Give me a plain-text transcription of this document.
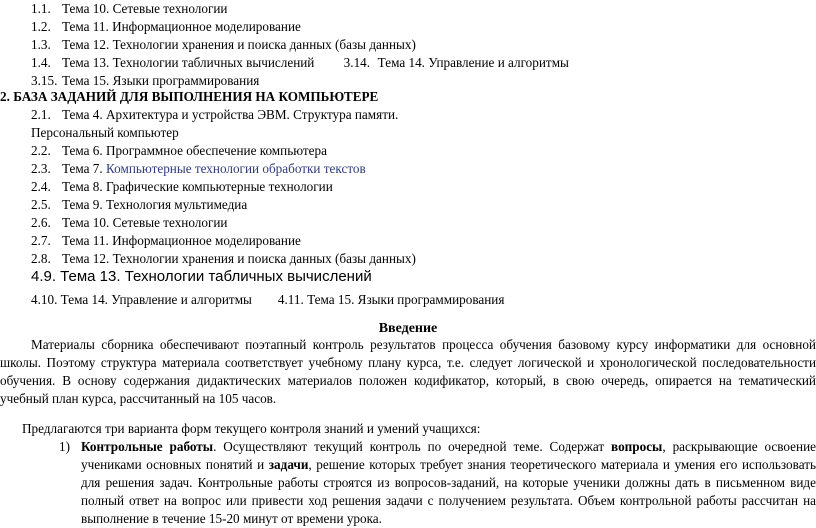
1.1. Тема 10. Сетевые технологии
1.2. Тема 11. Информационное моделирование
1.3. Тема 12. Технологии хранения и поиска данных (базы данных)
1.4. Тема 13. Технологии табличных вычислений 3.14. Тема 14. Управление и алгоритмы
3.15. Тема 15. Языки программирования
2. БАЗА ЗАДАНИЙ ДЛЯ ВЫПОЛНЕНИЯ НА КОМПЬЮТЕРЕ
2.1. Тема 4. Архитектура и устройства ЭВМ. Структура памяти.
Персональный компьютер
2.2. Тема 6. Программное обеспечение компьютера
2.3. Тема 7. Компьютерные технологии обработки текстов
2.4. Тема 8. Графические компьютерные технологии
2.5. Тема 9. Технология мультимедиа
2.6. Тема 10. Сетевые технологии
2.7. Тема 11. Информационное моделирование
2.8. Тема 12. Технологии хранения и поиска данных (базы данных)
4.9. Тема 13. Технологии табличных вычислений
4.10. Тема 14. Управление и алгоритмы 4.11. Тема 15. Языки программирования
Введение
Материалы сборника обеспечивают поэтапный контроль результатов процесса обучения базовому курсу информатики для основной школы. Поэтому структура материала соответствует учебному плану курса, т.е. следует логической и хронологической последовательности обучения. В основу содержания дидактических материалов положен кодификатор, который, в свою очередь, опирается на тематический учебный план курса, рассчитанный на 105 часов.
Предлагаются три варианта форм текущего контроля знаний и умений учащихся:
1) Контрольные работы. Осуществляют текущий контроль по очередной теме. Содержат вопросы, раскрывающие освоение учениками основных понятий и задачи, решение которых требует знания теоретического материала и умения его использовать для решения задач. Контрольные работы строятся из вопросов-заданий, на которые ученики должны дать в письменном виде полный ответ на вопрос или привести ход решения задачи с получением результата. Объем контрольной работы рассчитан на выполнение в течение 15-20 минут от времени урока.
